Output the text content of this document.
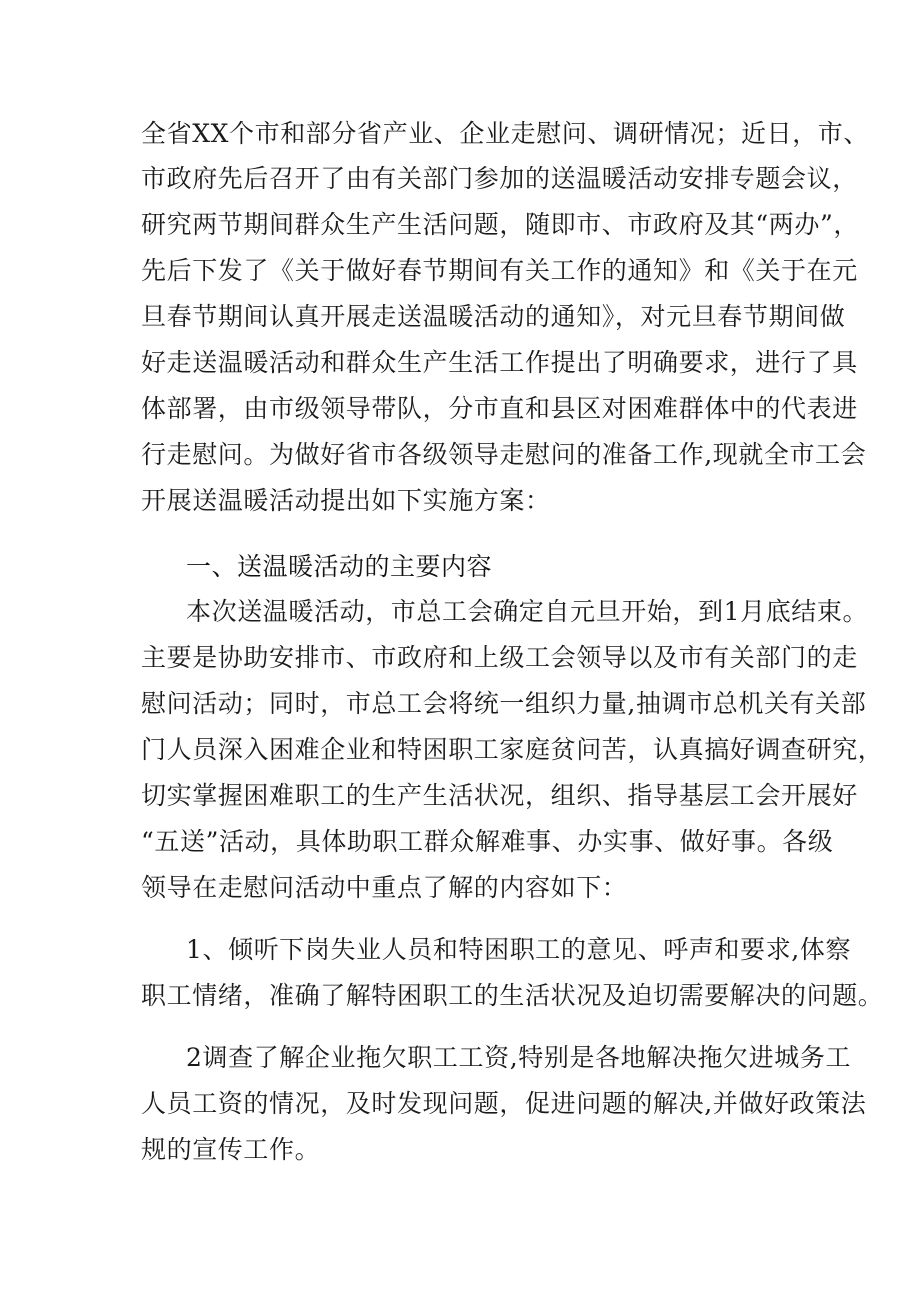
全省XX个市和部分省产业、企业走慰问、调研情况；近日，市、
市政府先后召开了由有关部门参加的送温暖活动安排专题会议，
研究两节期间群众生产生活问题，随即市、市政府及其“两办”，
先后下发了《关于做好春节期间有关工作的通知》和《关于在元
旦春节期间认真开展走送温暖活动的通知》，对元旦春节期间做
好走送温暖活动和群众生产生活工作提出了明确要求，进行了具
体部署，由市级领导带队，分市直和县区对困难群体中的代表进
行走慰问。为做好省市各级领导走慰问的准备工作,现就全市工会
开展送温暖活动提出如下实施方案：
一、送温暖活动的主要内容
本次送温暖活动，市总工会确定自元旦开始，到1月底结束。
主要是协助安排市、市政府和上级工会领导以及市有关部门的走
慰问活动；同时，市总工会将统一组织力量,抽调市总机关有关部
门人员深入困难企业和特困职工家庭贫问苦，认真搞好调查研究，
切实掌握困难职工的生产生活状况，组织、指导基层工会开展好
“五送”活动，具体助职工群众解难事、办实事、做好事。各级
领导在走慰问活动中重点了解的内容如下：
1、倾听下岗失业人员和特困职工的意见、呼声和要求,体察
职工情绪，准确了解特困职工的生活状况及迫切需要解决的问题。
2调查了解企业拖欠职工工资,特别是各地解决拖欠进城务工
人员工资的情况，及时发现问题，促进问题的解决,并做好政策法
规的宣传工作。
